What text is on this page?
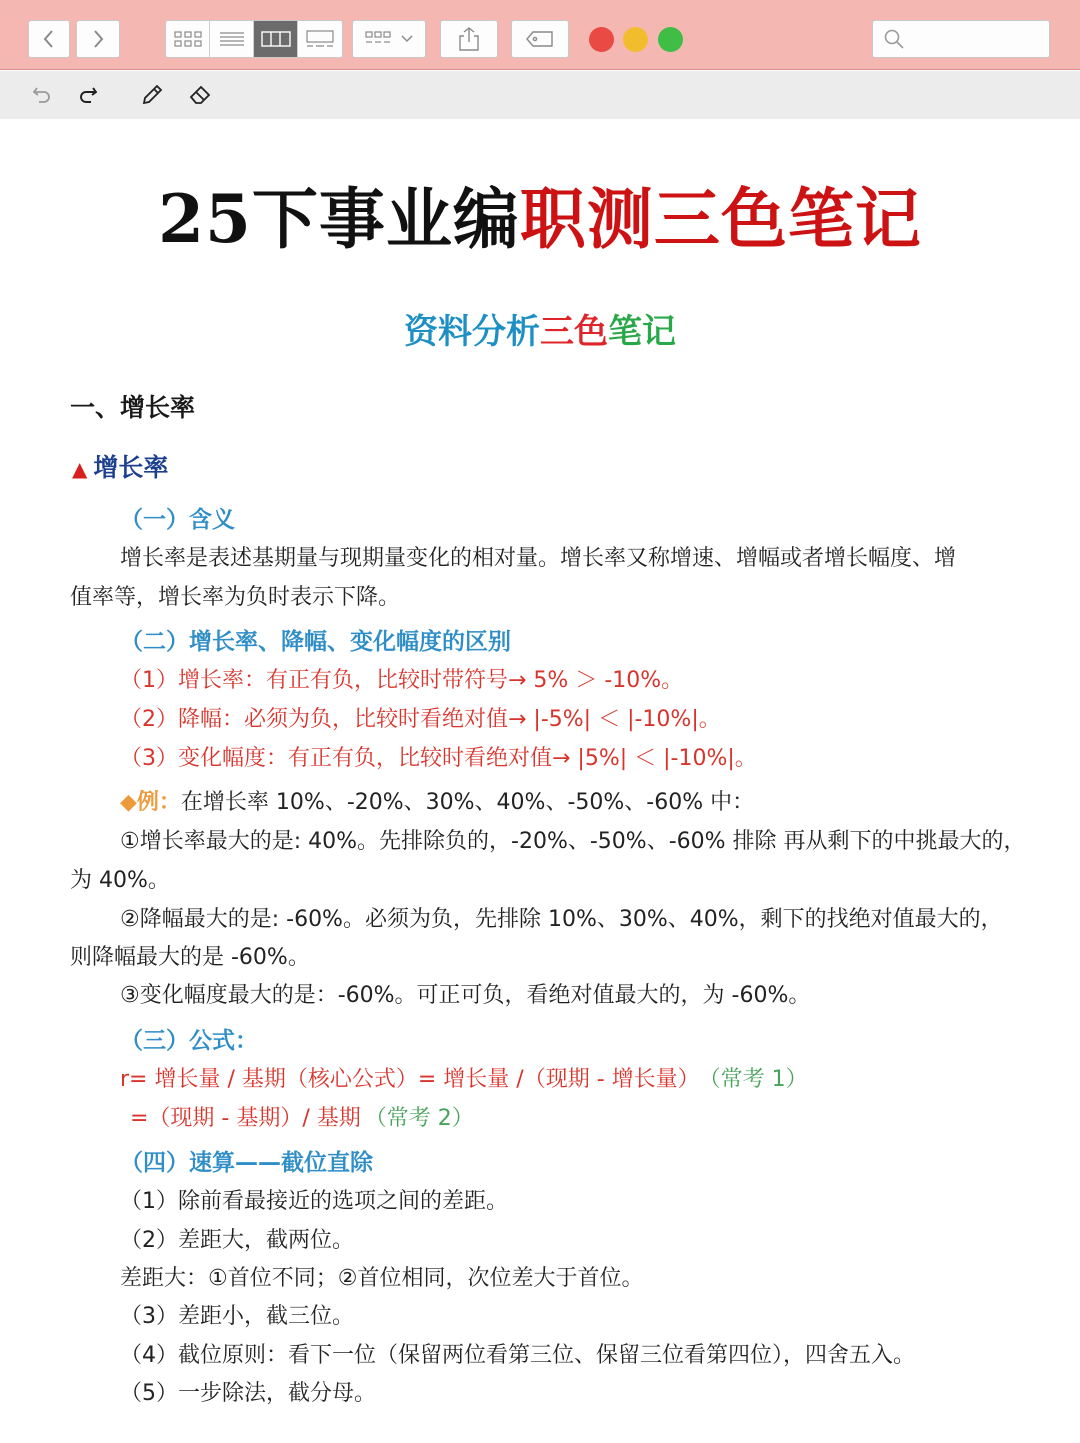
25下事业编职测三色笔记
资料分析三色笔记
一、增长率
▲ 增长率
（一）含义
增长率是表述基期量与现期量变化的相对量。增长率又称增速、增幅或者增长幅度、增
值率等，增长率为负时表示下降。
（二）增长率、降幅、变化幅度的区别
（1）增长率：有正有负，比较时带符号→ 5% ＞ -10%。
（2）降幅：必须为负，比较时看绝对值→ |-5%| ＜ |-10%|。
（3）变化幅度：有正有负，比较时看绝对值→ |5%| ＜ |-10%|。
◆例：在增长率 10%、-20%、30%、40%、-50%、-60% 中：
①增长率最大的是: 40%。先排除负的，-20%、-50%、-60% 排除 再从剩下的中挑最大的，
为 40%。
②降幅最大的是: -60%。必须为负，先排除 10%、30%、40%，剩下的找绝对值最大的，
则降幅最大的是 -60%。
③变化幅度最大的是：-60%。可正可负，看绝对值最大的，为 -60%。
（三）公式：
r= 增长量 / 基期（核心公式）= 增长量 /（现期 - 增长量） （常考 1）
=（现期 - 基期）/ 基期 （常考 2）
（四）速算——截位直除
（1）除前看最接近的选项之间的差距。
（2）差距大，截两位。
差距大：①首位不同；②首位相同，次位差大于首位。
（3）差距小，截三位。
（4）截位原则：看下一位（保留两位看第三位、保留三位看第四位），四舍五入。
（5）一步除法，截分母。
